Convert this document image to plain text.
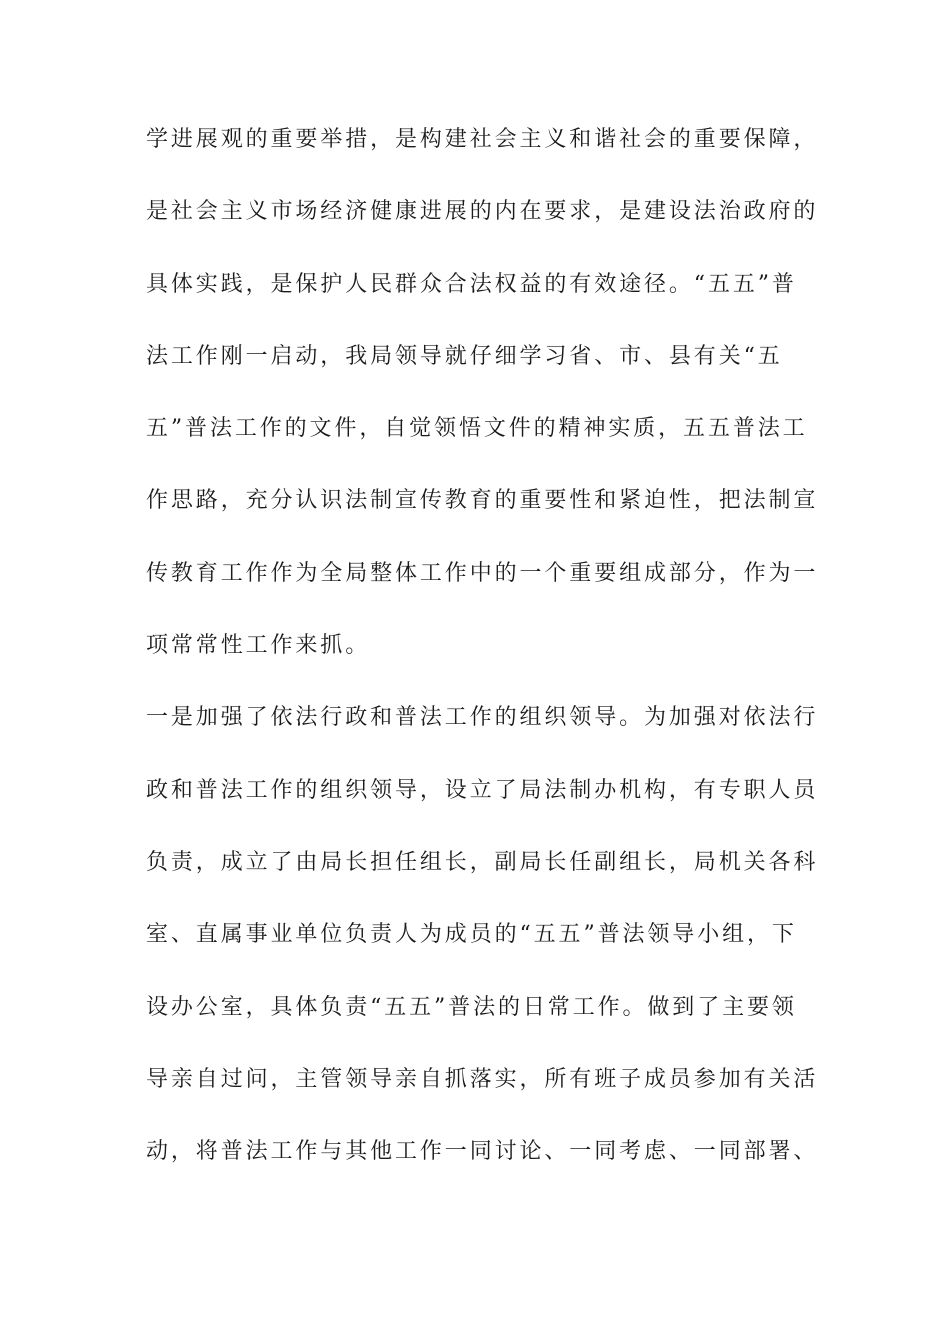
学进展观的重要举措，是构建社会主义和谐社会的重要保障，
是社会主义市场经济健康进展的内在要求，是建设法治政府的
具体实践，是保护人民群众合法权益的有效途径。“五五”普
法工作刚一启动，我局领导就仔细学习省、市、县有关“五
五”普法工作的文件，自觉领悟文件的精神实质，五五普法工
作思路，充分认识法制宣传教育的重要性和紧迫性，把法制宣
传教育工作作为全局整体工作中的一个重要组成部分，作为一
项常常性工作来抓。
一是加强了依法行政和普法工作的组织领导。为加强对依法行
政和普法工作的组织领导，设立了局法制办机构，有专职人员
负责，成立了由局长担任组长，副局长任副组长，局机关各科
室、直属事业单位负责人为成员的“五五”普法领导小组，下
设办公室，具体负责“五五”普法的日常工作。做到了主要领
导亲自过问，主管领导亲自抓落实，所有班子成员参加有关活
动，将普法工作与其他工作一同讨论、一同考虑、一同部署、
